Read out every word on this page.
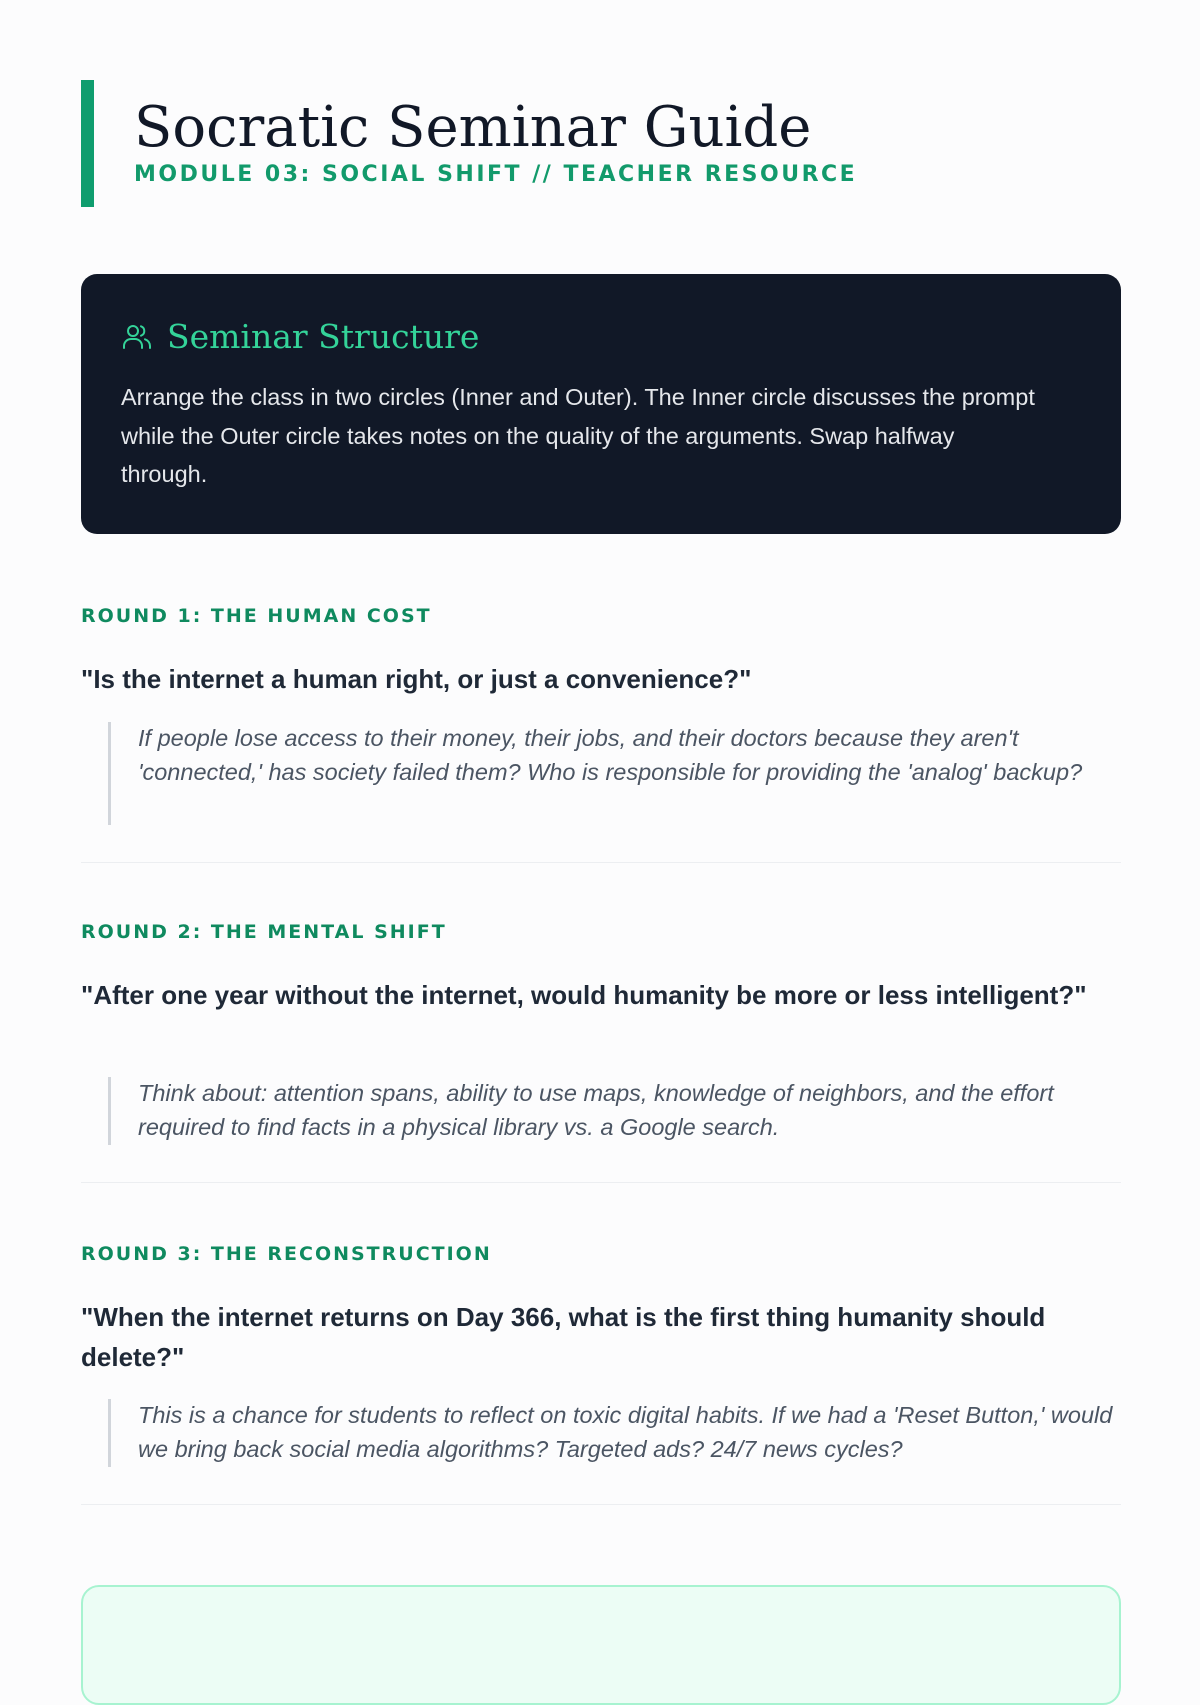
Socratic Seminar Guide
MODULE 03: SOCIAL SHIFT // TEACHER RESOURCE
Seminar Structure
Arrange the class in two circles (Inner and Outer). The Inner circle discusses the prompt while the Outer circle takes notes on the quality of the arguments. Swap halfway through.
ROUND 1: THE HUMAN COST
"Is the internet a human right, or just a convenience?"
If people lose access to their money, their jobs, and their doctors because they aren't 'connected,' has society failed them? Who is responsible for providing the 'analog' backup?
ROUND 2: THE MENTAL SHIFT
"After one year without the internet, would humanity be more or less intelligent?"
Think about: attention spans, ability to use maps, knowledge of neighbors, and the effort required to find facts in a physical library vs. a Google search.
ROUND 3: THE RECONSTRUCTION
"When the internet returns on Day 366, what is the first thing humanity should delete?"
This is a chance for students to reflect on toxic digital habits. If we had a 'Reset Button,' would we bring back social media algorithms? Targeted ads? 24/7 news cycles?
